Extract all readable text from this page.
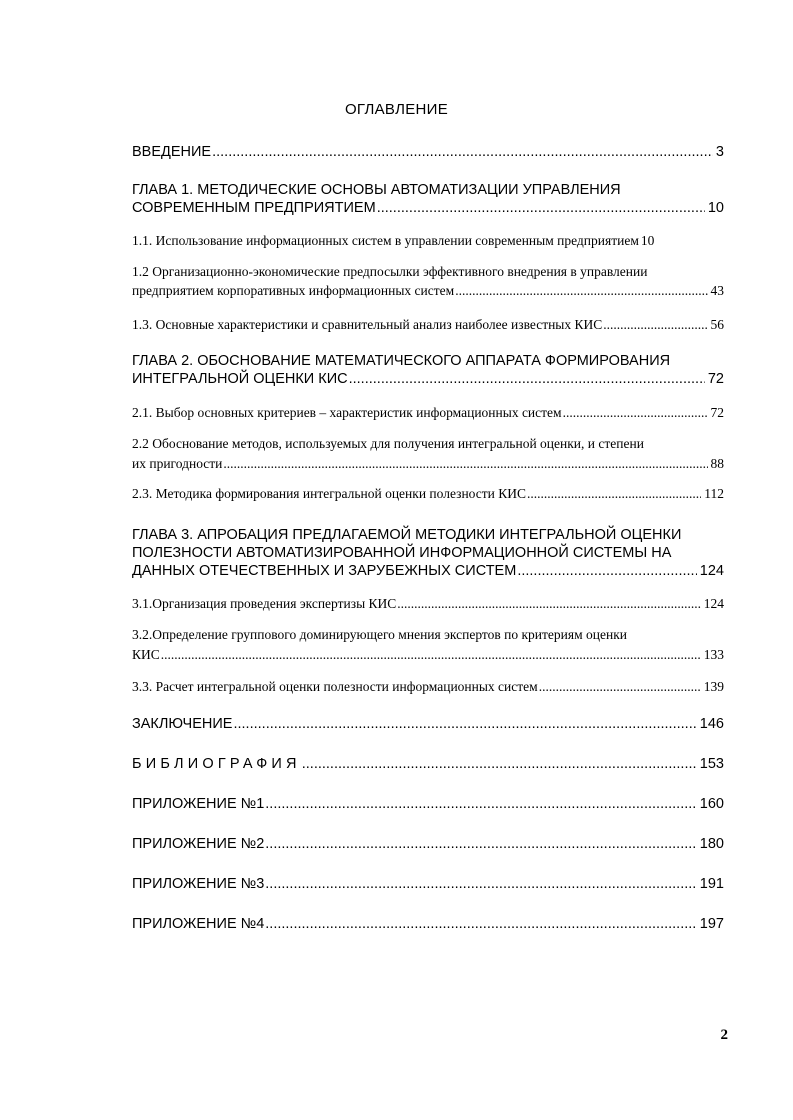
ОГЛАВЛЕНИЕ
ВВЕДЕНИЕ .....	3
ГЛАВА 1. МЕТОДИЧЕСКИЕ ОСНОВЫ АВТОМАТИЗАЦИИ УПРАВЛЕНИЯ
СОВРЕМЕННЫМ ПРЕДПРИЯТИЕМ .....	10
1.1. Использование информационных систем в управлении современным предприятием 10
1.2 Организационно-экономические предпосылки эффективного внедрения в управлении
предприятием корпоративных информационных систем .....	43
1.3. Основные характеристики и сравнительный анализ наиболее известных КИС .....	56
ГЛАВА 2. ОБОСНОВАНИЕ МАТЕМАТИЧЕСКОГО АППАРАТА ФОРМИРОВАНИЯ
ИНТЕГРАЛЬНОЙ ОЦЕНКИ КИС .....	72
2.1. Выбор основных критериев – характеристик информационных систем .....	72
2.2 Обоснование методов, используемых для получения интегральной оценки, и степени
их пригодности .....	88
2.3. Методика формирования интегральной оценки полезности КИС .....	112
ГЛАВА 3. АПРОБАЦИЯ ПРЕДЛАГАЕМОЙ МЕТОДИКИ ИНТЕГРАЛЬНОЙ ОЦЕНКИ
ПОЛЕЗНОСТИ АВТОМАТИЗИРОВАННОЙ ИНФОРМАЦИОННОЙ СИСТЕМЫ НА
ДАННЫХ ОТЕЧЕСТВЕННЫХ И ЗАРУБЕЖНЫХ СИСТЕМ .....	124
3.1.Организация проведения экспертизы КИС .....	124
3.2.Определение группового доминирующего мнения экспертов по критериям оценки
КИС .....	133
3.3. Расчет интегральной оценки полезности информационных систем .....	139
ЗАКЛЮЧЕНИЕ .....	146
БИБЛИОГРАФИЯ .....	153
ПРИЛОЖЕНИЕ №1 .....	160
ПРИЛОЖЕНИЕ №2 .....	180
ПРИЛОЖЕНИЕ №3 .....	191
ПРИЛОЖЕНИЕ №4 .....	197
2
